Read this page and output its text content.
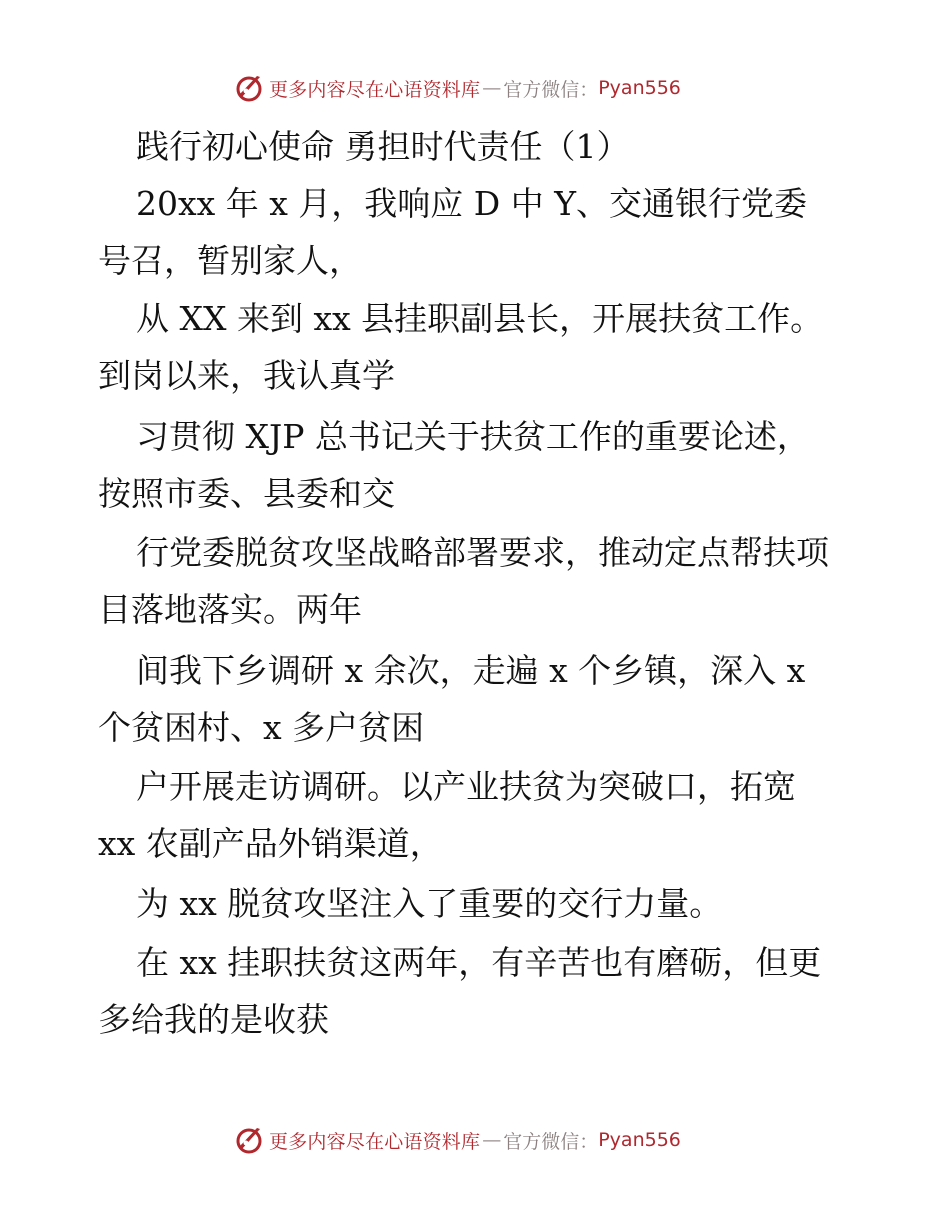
更多内容尽在心语资料库 — 官方微信： Pyan556
践行初心使命 勇担时代责任（1）
20xx 年 x 月，我响应 D 中 Y、交通银行党委
号召，暂别家人，
从 XX 来到 xx 县挂职副县长，开展扶贫工作。
到岗以来，我认真学
习贯彻 XJP 总书记关于扶贫工作的重要论述，
按照市委、县委和交
行党委脱贫攻坚战略部署要求，推动定点帮扶项
目落地落实。两年
间我下乡调研 x 余次，走遍 x 个乡镇，深入 x
个贫困村、x 多户贫困
户开展走访调研。以产业扶贫为突破口，拓宽
xx 农副产品外销渠道，
为 xx 脱贫攻坚注入了重要的交行力量。
在 xx 挂职扶贫这两年，有辛苦也有磨砺，但更
多给我的是收获
更多内容尽在心语资料库 — 官方微信： Pyan556
